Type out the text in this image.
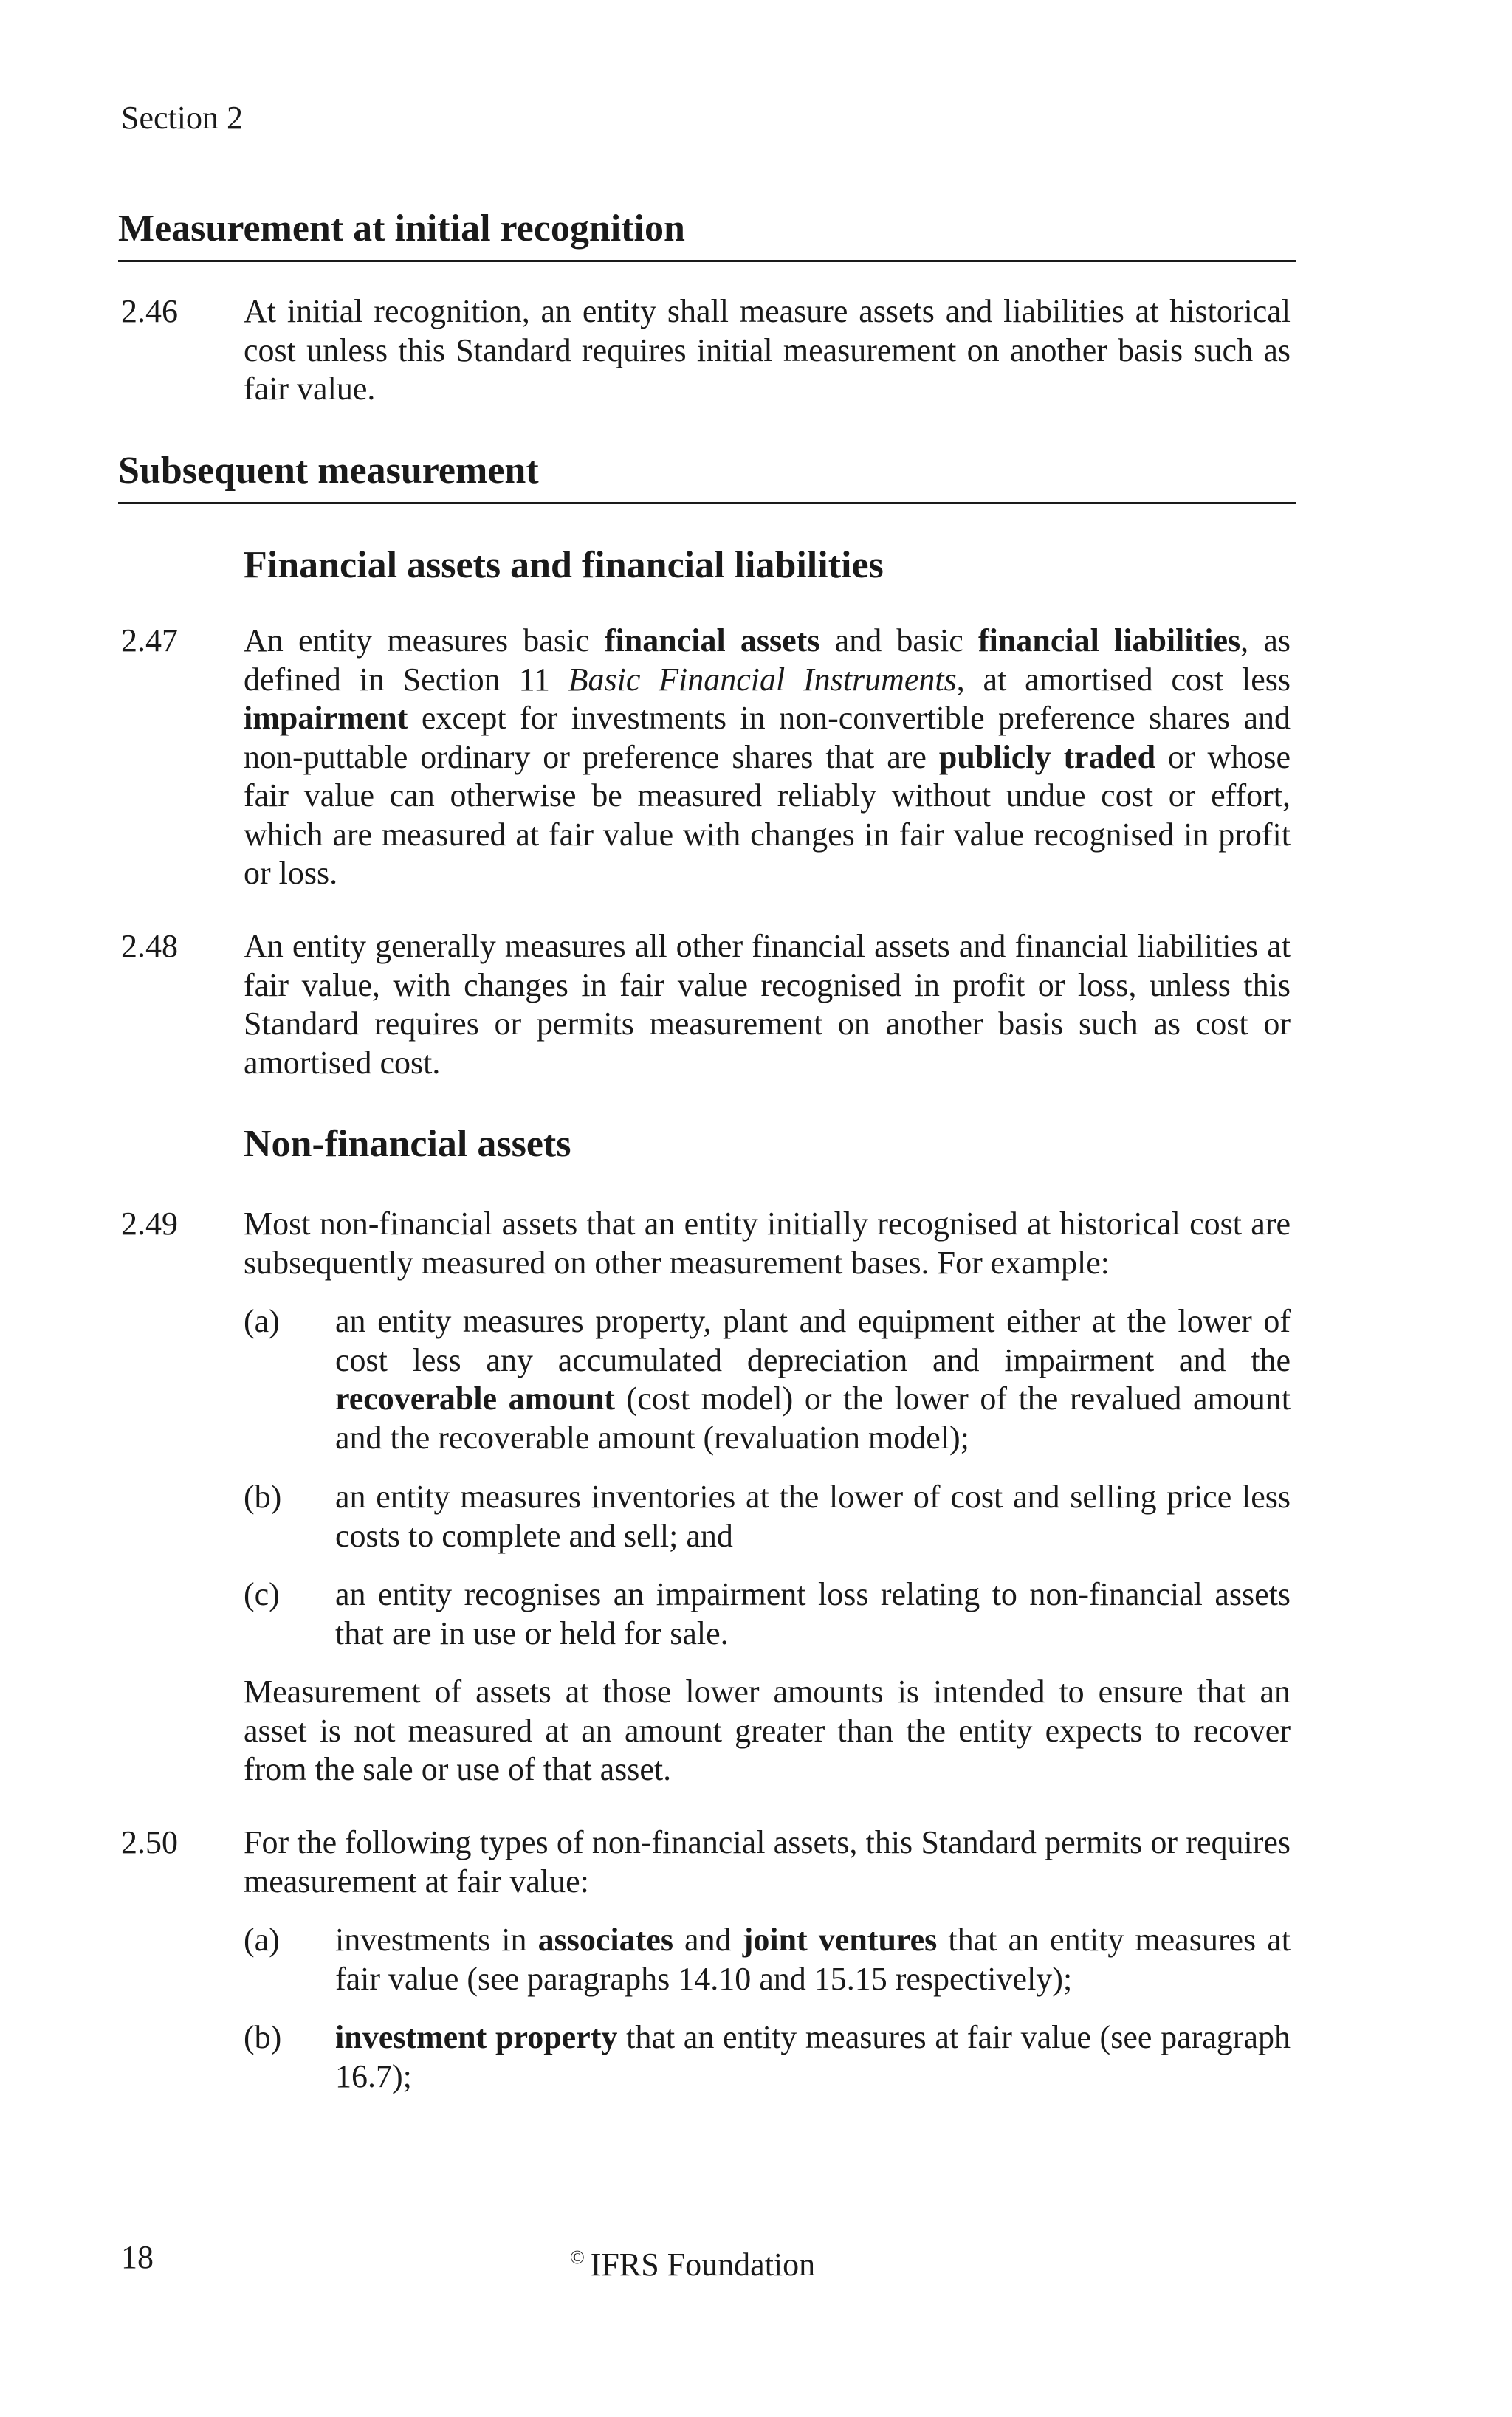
Section 2
Measurement at initial recognition
2.46 At initial recognition, an entity shall measure assets and liabilities at historical cost unless this Standard requires initial measurement on another basis such as fair value.
Subsequent measurement
Financial assets and financial liabilities
2.47 An entity measures basic financial assets and basic financial liabilities, as defined in Section 11 Basic Financial Instruments, at amortised cost less impairment except for investments in non-convertible preference shares and non-puttable ordinary or preference shares that are publicly traded or whose fair value can otherwise be measured reliably without undue cost or effort, which are measured at fair value with changes in fair value recognised in profit or loss.
2.48 An entity generally measures all other financial assets and financial liabilities at fair value, with changes in fair value recognised in profit or loss, unless this Standard requires or permits measurement on another basis such as cost or amortised cost.
Non-financial assets
2.49 Most non-financial assets that an entity initially recognised at historical cost are subsequently measured on other measurement bases. For example:
(a) an entity measures property, plant and equipment either at the lower of cost less any accumulated depreciation and impairment and the recoverable amount (cost model) or the lower of the revalued amount and the recoverable amount (revaluation model);
(b) an entity measures inventories at the lower of cost and selling price less costs to complete and sell; and
(c) an entity recognises an impairment loss relating to non-financial assets that are in use or held for sale.
Measurement of assets at those lower amounts is intended to ensure that an asset is not measured at an amount greater than the entity expects to recover from the sale or use of that asset.
2.50 For the following types of non-financial assets, this Standard permits or requires measurement at fair value:
(a) investments in associates and joint ventures that an entity measures at fair value (see paragraphs 14.10 and 15.15 respectively);
(b) investment property that an entity measures at fair value (see paragraph 16.7);
18	© IFRS Foundation
